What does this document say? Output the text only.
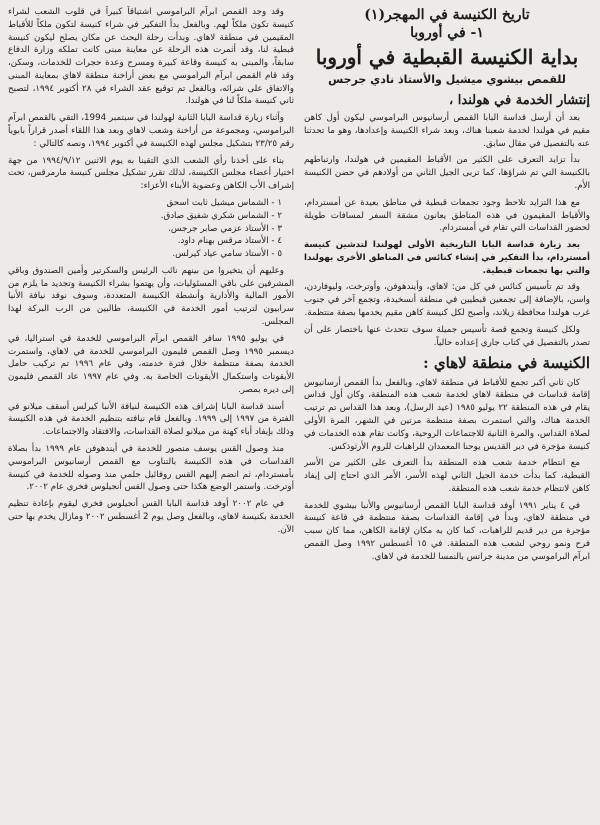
تاريخ الكنيسة في المهجر(١)
١- في أوروبا
بداية الكنيسة القبطية في أوروبا
للقمص بيشوي ميشيل والأستاذ نادي جرجس
إنتشار الخدمة في هولندا ،

بعد أن أرسل قداسة البابا القمص أرسانيوس البراموسي ليكون أول كاهن مقيم في هولندا لخدمة شعبنا هناك، وبعد شراء الكنيسة وإعدادها، وهو ما تحدثنا عنه بالتفصيل في مقال سابق.

بدأ تزايد التعرف على الكثير من الأقباط المقيمين في هولندا، وارتباطهم بالكنيسة التي تم شراؤها، كما تربى الجيل الثاني من أولادهم في حضن الكنيسة الأم.

مع هذا التزايد تلاحظ وجود تجمعات قبطية في مناطق بعيدة عن أمستردام، والأقباط المقيمون في هذه المناطق يعانون مشقة السفر لمسافات طويلة لحضور القداسات التي تقام في أمستردام.

بعد زيارة قداسة البابا التاريخية الأولى لهولندا لتدشين كنيسة أمستردام، بدأ التفكير في إنشاء كنائس في المناطق الأخرى بهولندا والتي بها تجمعات قبطية.

وقد تم تأسيس كنائس في كل من: لاهاي، وأيندهوفن، وأوترخت، وليوفاردن، واسن، بالإضافة إلى تجمعين قبطيين في منطقة أنسخيدة، وتجمع آخر في جنوب غرب هولندا محافظة زيلاند، وأصبح لكل كنيسة كاهن مقيم يخدمها بصفة منتظمة.

ولكل كنيسة وتجمع قصة تأسيس جميلة سوف نتحدث عنها باختصار على أن تصدر بالتفصيل في كتاب جاري إعداده حالياً.

الكنيسة في منطقة لاهاي :

كان ثاني أكبر تجمع للأقباط في منطقة لاهاي، وبالفعل بدأ القمص أرسانيوس إقامة قداسات في منطقة لاهاي لخدمة شعب هذه المنطقة، وكان أول قداس يقام في هذه المنطقة ٢٢ يوليو ١٩٨٥ (عيد الرسل)، وبعد هذا القداس تم ترتيب الخدمة هناك، والتي استمرت بصفة منتظمة مرتين في الشهر، المرة الأولى لصلاة القداس، والمرة الثانية للاجتماعات الروحية، وكانت تقام هذه الخدمات في كنيسة مؤجرة في دير القديس يوحنا المعمدان للراهبات للروم الأرثوذكس.

مع انتظام خدمة شعب هذه المنطقة بدأ التعرف على الكثير من الأسر القبطية، كما بدأت خدمة الجيل الثاني لهذه الأسر، الأمر الذي احتاج إلى إيفاد كاهن لانتظام خدمة شعب هذه المنطقة.

في ٤ يناير ١٩٩١ أوفد قداسة البابا القمص أرسانيوس والأنبا بيشوي للخدمة في منطقة لاهاي، وبدأ في إقامة القداسات بصفة منتظمة في قاعة كنيسة مؤجرة من دير قديم للراهبات، كما كان به مكان لإقامة الكاهن، مما كان سبب فرح ونمو روحي لشعب هذه المنطقة. في ١٥ أغسطس ١٩٩٢ وصل القمص ابرآم البراموسي من مدينة جراتس بالنمسا للخدمة في لاهاي.

وقد وجد القمص ابرآم البراموسي اشتياقاً كبيراً في قلوب الشعب لشراء كنيسة تكون ملكاً لهم. وبالفعل بدأ التفكير في شراء كنيسة لتكون ملكاً للأقباط المقيمين في منطقة لاهاي. وبدأت رحلة البحث عن مكان يصلح ليكون كنيسة قبطية لنا، وقد أثمرت هذه الرحلة عن معاينة مبنى كانت تملكه وزارة الدفاع سابقاً، والمبنى به كنيسة وقاعة كبيرة ومسرح وعدة حجرات للخدمات، وسكن، وقد قام القمص ابرآم البراموسي مع بعض أراخنة منطقة لاهاي بمعاينة المبنى والاتفاق على شرائه، وبالفعل تم توقيع عقد الشراء في ٢٨ أكتوبر ١٩٩٤، لتصبح ثاني كنيسة ملكاً لنا في هولندا.

وأثناء زيارة قداسة البابا الثانية لهولندا في سبتمبر 1994، التقي بالقمص ابرآم البراموسي، ومجموعة من أراخنة وشعب لاهاي وبعد هذا اللقاء أصدر قراراً بابوياً رقم ٢٣/٢٥ بتشكيل مجلس لهذه الكنيسة في أكتوبر ١٩٩٤، ونصه كالتالي :

بناء على أخذنا رأي الشعب الذي التقينا به يوم الاثنين ١٩٩٤/٩/١٢ من جهة اختيار أعضاء مجلس الكنيسة، لذلك تقرر تشكيل مجلس كنيسة مارمرقس، تحت إشراف الأب الكاهن وعضوية الأبناء الأعزاء:

١ - الشماس ميشيل ثابت اسحق
٢ - الشماس شكري شفيق صادق.
٣ - الأستاذ عزمي صابر جرجس.
٤ - الأستاذ مرقس بهنام داود.
٥ - الأستاذ سامي عياد كيرلس.

وعليهم أن يتخيروا من بينهم نائب الرئيس والسكرتير وأمين الصندوق وباقي المشرفين على باقي المسئوليات، وأن يهتموا بشراء الكنيسة وتجديد ما يلزم من الأمور المالية والأدارية وأنشطة الكنيسة المتعددة، وسوف نوفد نيافة الأنبا سرابيون لترتيب أمور الخدمة في الكنيسة، طالبين من الرب البركة لهذا المجلس.

في يوليو ١٩٩٥ سافر القمص ابرآم البراموسي للخدمة في استراليا، في ديسمبر ١٩٩٥ وصل القمص فليمون البراموسي للخدمة في لاهاي، واستمرت الخدمة بصفة منتظمة خلال فترة خدمته، وفي عام ١٩٩٦ تم تركيب حامل الأيقونات واستكمال الأيقونات الخاصة به. وفي عام ١٩٩٧ عاد القمص فليمون إلى ديره بمصر.

أسند قداسة البابا إشراف هذه الكنيسة لنيافة الأنبا كيرلس أسقف ميلانو في الفترة من ١٩٩٧ إلى ١٩٩٩. وبالفعل قام نيافته بتنظيم الخدمة في هذه الكنيسة وذلك بإيفاد أباء كهنة من ميلانو لصلاة القداسات، والافتقاد والاجتماعات.

منذ وصول القس يوسف منصور للخدمة في أيندهوفن عام ١٩٩٩ بدأ بصلاة القداسات في هذه الكنيسة بالتناوب مع القمص أرسانيوس البراموسي بأمستردام، ثم انضم إليهم القس روفائيل حلمي منذ وصوله للخدمة في كنيسة أوترخت. واستمر الوضع هكذا حتى وصول القس أنجيلوس فخري عام ٢٠٠٢.

في عام ٢٠٠٢ أوفد قداسة البابا القس أنجيلوس فخري ليقوم بإعادة تنظيم الخدمة بكنيسة لاهاي، وبالفعل وصل يوم 2 أغسطس ٢٠٠٢ ومازال يخدم بها حتى الآن.
